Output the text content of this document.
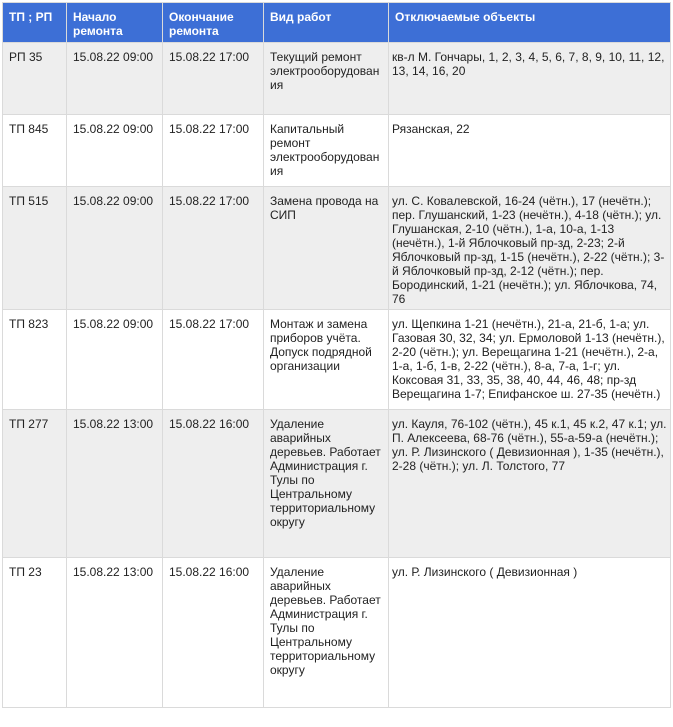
ТП ; РП	Начало ремонта	Окончание ремонта	Вид работ	Отключаемые объекты
РП 35	15.08.22 09:00	15.08.22 17:00	Текущий ремонт электрооборудования	кв-л М. Гончары, 1, 2, 3, 4, 5, 6, 7, 8, 9, 10, 11, 12, 13, 14, 16, 20
ТП 845	15.08.22 09:00	15.08.22 17:00	Капитальный ремонт электрооборудования	Рязанская, 22
ТП 515	15.08.22 09:00	15.08.22 17:00	Замена провода на СИП	ул. С. Ковалевской, 16-24 (чётн.), 17 (нечётн.); пер. Глушанский, 1-23 (нечётн.), 4-18 (чётн.); ул. Глушанская, 2-10 (чётн.), 1-а, 10-а, 1-13 (нечётн.), 1-й Яблочковый пр-зд, 2-23; 2-й Яблочковый пр-зд, 1-15 (нечётн.), 2-22 (чётн.); 3-й Яблочковый пр-зд, 2-12 (чётн.); пер. Бородинский, 1-21 (нечётн.); ул. Яблочкова, 74, 76
ТП 823	15.08.22 09:00	15.08.22 17:00	Монтаж и замена приборов учёта. Допуск подрядной организации	ул. Щепкина 1-21 (нечётн.), 21-а, 21-б, 1-а; ул. Газовая 30, 32, 34; ул. Ермоловой 1-13 (нечётн.), 2-20 (чётн.); ул. Верещагина 1-21 (нечётн.), 2-а, 1-а, 1-б, 1-в, 2-22 (чётн.), 8-а, 7-а, 1-г; ул. Коксовая 31, 33, 35, 38, 40, 44, 46, 48; пр-зд Верещагина 1-7; Епифанское ш. 27-35 (нечётн.)
ТП 277	15.08.22 13:00	15.08.22 16:00	Удаление аварийных деревьев. Работает Администрация г. Тулы по Центральному территориальному округу	ул. Кауля, 76-102 (чётн.), 45 к.1, 45 к.2, 47 к.1; ул. П. Алексеева, 68-76 (чётн.), 55-а-59-а (нечётн.); ул. Р. Лизинского ( Девизионная ), 1-35 (нечётн.), 2-28 (чётн.); ул. Л. Толстого, 77
ТП 23	15.08.22 13:00	15.08.22 16:00	Удаление аварийных деревьев. Работает Администрация г. Тулы по Центральному территориальному округу	ул. Р. Лизинского ( Девизионная )
